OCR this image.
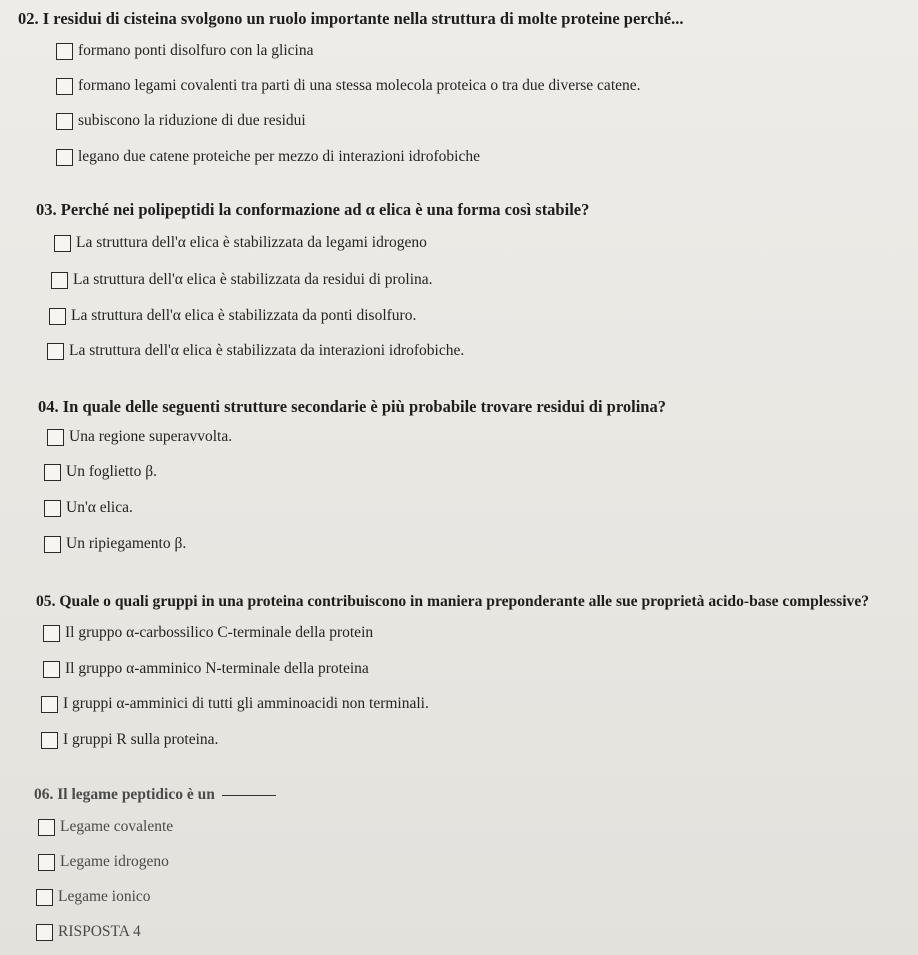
02. I residui di cisteina svolgono un ruolo importante nella struttura di molte proteine perché...
formano ponti disolfuro con la glicina
formano legami covalenti tra parti di una stessa molecola proteica o tra due diverse catene.
subiscono la riduzione di due residui
legano due catene proteiche per mezzo di interazioni idrofobiche
03. Perché nei polipeptidi la conformazione ad α elica è una forma così stabile?
La struttura dell'α elica è stabilizzata da legami idrogeno
La struttura dell'α elica è stabilizzata da residui di prolina.
La struttura dell'α elica è stabilizzata da ponti disolfuro.
La struttura dell'α elica è stabilizzata da interazioni idrofobiche.
04. In quale delle seguenti strutture secondarie è più probabile trovare residui di prolina?
Una regione superavvolta.
Un foglietto β.
Un'α elica.
Un ripiegamento β.
05. Quale o quali gruppi in una proteina contribuiscono in maniera preponderante alle sue proprietà acido-base complessive?
Il gruppo α-carbossilico C-terminale della protein
Il gruppo α-amminico N-terminale della proteina
I gruppi α-amminici di tutti gli amminoacidi non terminali.
I gruppi R sulla proteina.
06. Il legame peptidico è un
Legame covalente
Legame idrogeno
Legame ionico
RISPOSTA 4
